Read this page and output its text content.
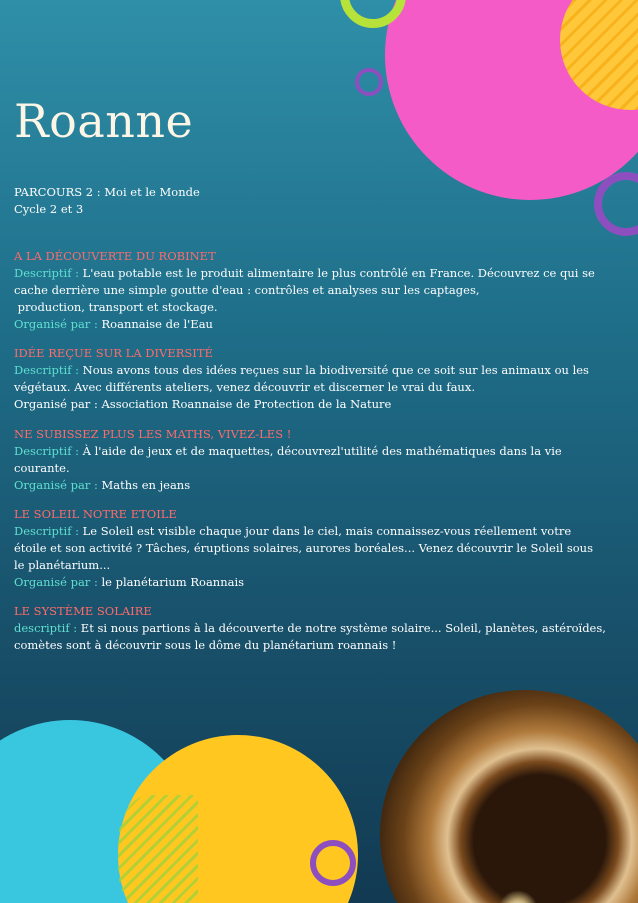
Roanne
PARCOURS 2 : Moi et le Monde
Cycle 2 et 3
A LA DÉCOUVERTE DU ROBINET
Descriptif : L'eau potable est le produit alimentaire le plus contrôlé en France. Découvrez ce qui se
cache derrière une simple goutte d'eau : contrôles et analyses sur les captages,
production, transport et stockage.
Organisé par : Roannaise de l'Eau
IDÉE REÇUE SUR LA DIVERSITÉ
Descriptif : Nous avons tous des idées reçues sur la biodiversité que ce soit sur les animaux ou les
végétaux. Avec différents ateliers, venez découvrir et discerner le vrai du faux.
Organisé par : Association Roannaise de Protection de la Nature
NE SUBISSEZ PLUS LES MATHS, VIVEZ-LES !
Descriptif : À l'aide de jeux et de maquettes, découvrezl'utilité des mathématiques dans la vie
courante.
Organisé par : Maths en jeans
LE SOLEIL NOTRE ETOILE
Descriptif : Le Soleil est visible chaque jour dans le ciel, mais connaissez-vous réellement votre
étoile et son activité ? Tâches, éruptions solaires, aurores boréales... Venez découvrir le Soleil sous
le planétarium...
Organisé par : le planétarium Roannais
LE SYSTÈME SOLAIRE
descriptif : Et si nous partions à la découverte de notre système solaire... Soleil, planètes, astéroïdes,
comètes sont à découvrir sous le dôme du planétarium roannais !
